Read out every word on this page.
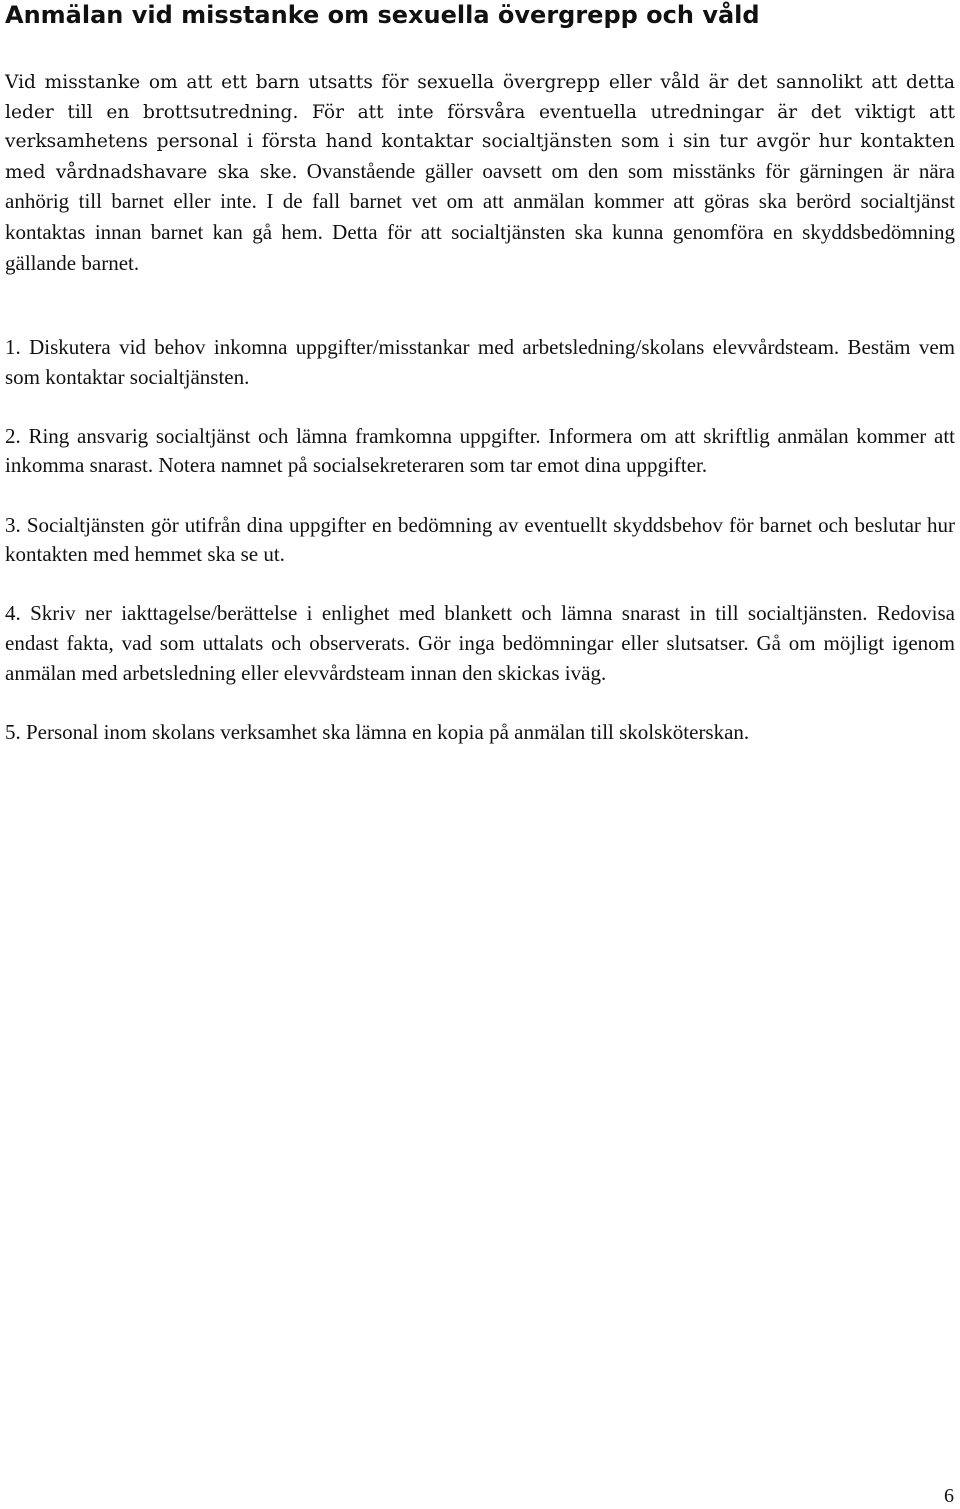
Anmälan vid misstanke om sexuella övergrepp och våld

Vid misstanke om att ett barn utsatts för sexuella övergrepp eller våld är det sannolikt att detta leder till en brottsutredning. För att inte försvåra eventuella utredningar är det viktigt att verksamhetens personal i första hand kontaktar socialtjänsten som i sin tur avgör hur kontakten med vårdnadshavare ska ske. Ovanstående gäller oavsett om den som misstänks för gärningen är nära anhörig till barnet eller inte. I de fall barnet vet om att anmälan kommer att göras ska berörd socialtjänst kontaktas innan barnet kan gå hem. Detta för att socialtjänsten ska kunna genomföra en skyddsbedömning gällande barnet.

1. Diskutera vid behov inkomna uppgifter/misstankar med arbetsledning/skolans elevvårdsteam. Bestäm vem som kontaktar socialtjänsten.

2. Ring ansvarig socialtjänst och lämna framkomna uppgifter. Informera om att skriftlig anmälan kommer att inkomma snarast. Notera namnet på socialsekreteraren som tar emot dina uppgifter.

3. Socialtjänsten gör utifrån dina uppgifter en bedömning av eventuellt skyddsbehov för barnet och beslutar hur kontakten med hemmet ska se ut.

4. Skriv ner iakttagelse/berättelse i enlighet med blankett och lämna snarast in till socialtjänsten. Redovisa endast fakta, vad som uttalats och observerats. Gör inga bedömningar eller slutsatser. Gå om möjligt igenom anmälan med arbetsledning eller elevvårdsteam innan den skickas iväg.

5. Personal inom skolans verksamhet ska lämna en kopia på anmälan till skolsköterskan.

6
